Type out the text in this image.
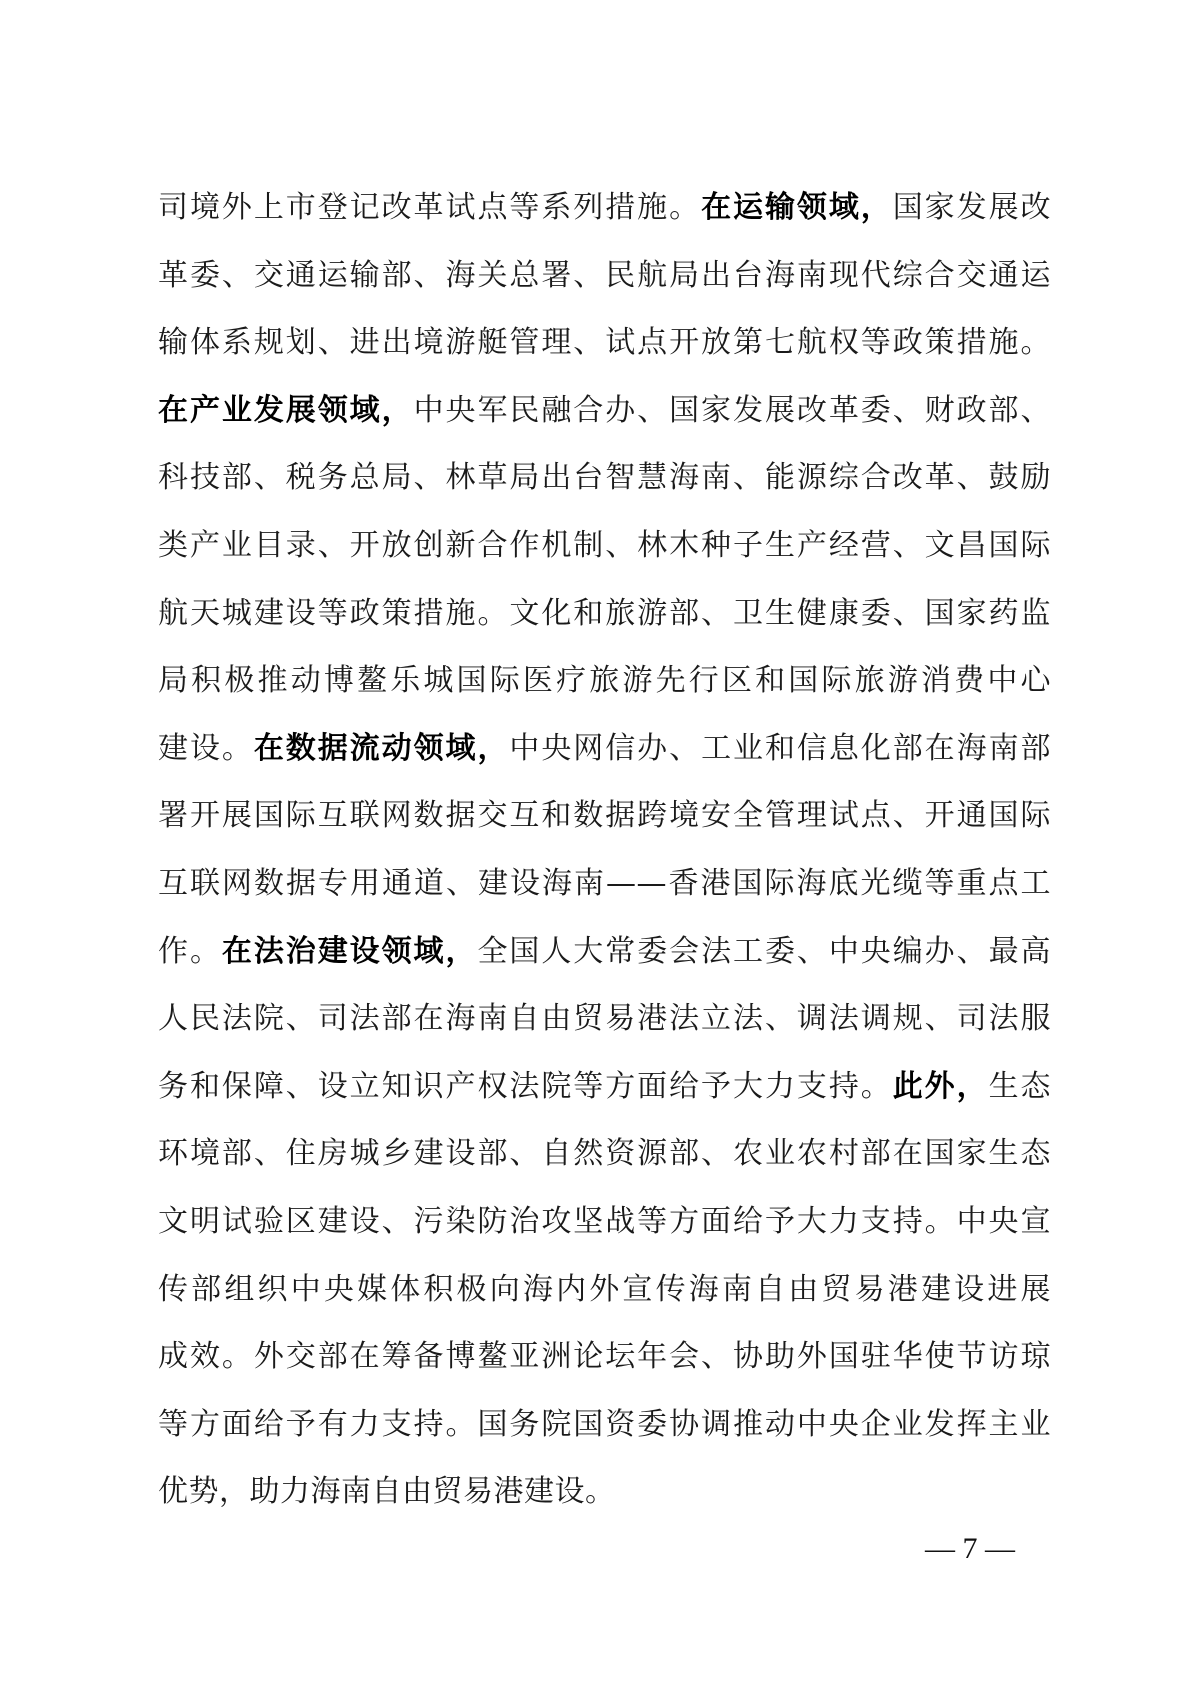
司境外上市登记改革试点等系列措施。在运输领域，国家发展改
革委、交通运输部、海关总署、民航局出台海南现代综合交通运
输体系规划、进出境游艇管理、试点开放第七航权等政策措施。
在产业发展领域，中央军民融合办、国家发展改革委、财政部、
科技部、税务总局、林草局出台智慧海南、能源综合改革、鼓励
类产业目录、开放创新合作机制、林木种子生产经营、文昌国际
航天城建设等政策措施。文化和旅游部、卫生健康委、国家药监
局积极推动博鳌乐城国际医疗旅游先行区和国际旅游消费中心
建设。在数据流动领域，中央网信办、工业和信息化部在海南部
署开展国际互联网数据交互和数据跨境安全管理试点、开通国际
互联网数据专用通道、建设海南——香港国际海底光缆等重点工
作。在法治建设领域，全国人大常委会法工委、中央编办、最高
人民法院、司法部在海南自由贸易港法立法、调法调规、司法服
务和保障、设立知识产权法院等方面给予大力支持。此外，生态
环境部、住房城乡建设部、自然资源部、农业农村部在国家生态
文明试验区建设、污染防治攻坚战等方面给予大力支持。中央宣
传部组织中央媒体积极向海内外宣传海南自由贸易港建设进展
成效。外交部在筹备博鳌亚洲论坛年会、协助外国驻华使节访琼
等方面给予有力支持。国务院国资委协调推动中央企业发挥主业
优势，助力海南自由贸易港建设。
— 7 —
